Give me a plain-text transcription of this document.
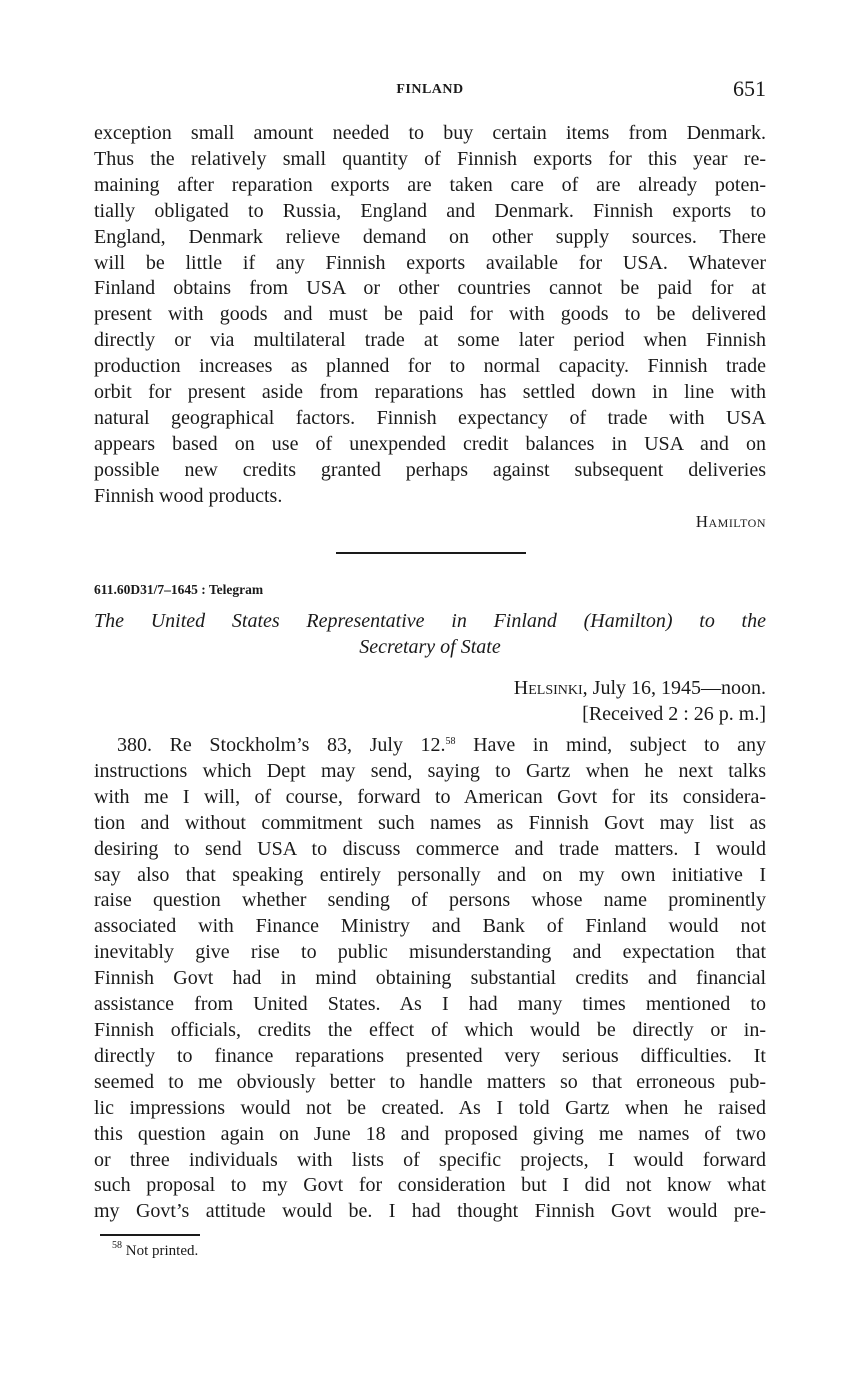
FINLAND	651
exception small amount needed to buy certain items from Denmark.
Thus the relatively small quantity of Finnish exports for this year re-
maining after reparation exports are taken care of are already poten-
tially obligated to Russia, England and Denmark. Finnish exports to
England, Denmark relieve demand on other supply sources. There
will be little if any Finnish exports available for USA. Whatever
Finland obtains from USA or other countries cannot be paid for at
present with goods and must be paid for with goods to be delivered
directly or via multilateral trade at some later period when Finnish
production increases as planned for to normal capacity. Finnish trade
orbit for present aside from reparations has settled down in line with
natural geographical factors. Finnish expectancy of trade with USA
appears based on use of unexpended credit balances in USA and on
possible new credits granted perhaps against subsequent deliveries
Finnish wood products.
Hamilton
611.60D31/7–1645 : Telegram
The United States Representative in Finland (Hamilton) to the
Secretary of State
Helsinki, July 16, 1945—noon.
[Received 2 : 26 p. m.]
380. Re Stockholm’s 83, July 12.58 Have in mind, subject to any
instructions which Dept may send, saying to Gartz when he next talks
with me I will, of course, forward to American Govt for its considera-
tion and without commitment such names as Finnish Govt may list as
desiring to send USA to discuss commerce and trade matters. I would
say also that speaking entirely personally and on my own initiative I
raise question whether sending of persons whose name prominently
associated with Finance Ministry and Bank of Finland would not
inevitably give rise to public misunderstanding and expectation that
Finnish Govt had in mind obtaining substantial credits and financial
assistance from United States. As I had many times mentioned to
Finnish officials, credits the effect of which would be directly or in-
directly to finance reparations presented very serious difficulties. It
seemed to me obviously better to handle matters so that erroneous pub-
lic impressions would not be created. As I told Gartz when he raised
this question again on June 18 and proposed giving me names of two
or three individuals with lists of specific projects, I would forward
such proposal to my Govt for consideration but I did not know what
my Govt’s attitude would be. I had thought Finnish Govt would pre-
$^{58}$ Not printed.
